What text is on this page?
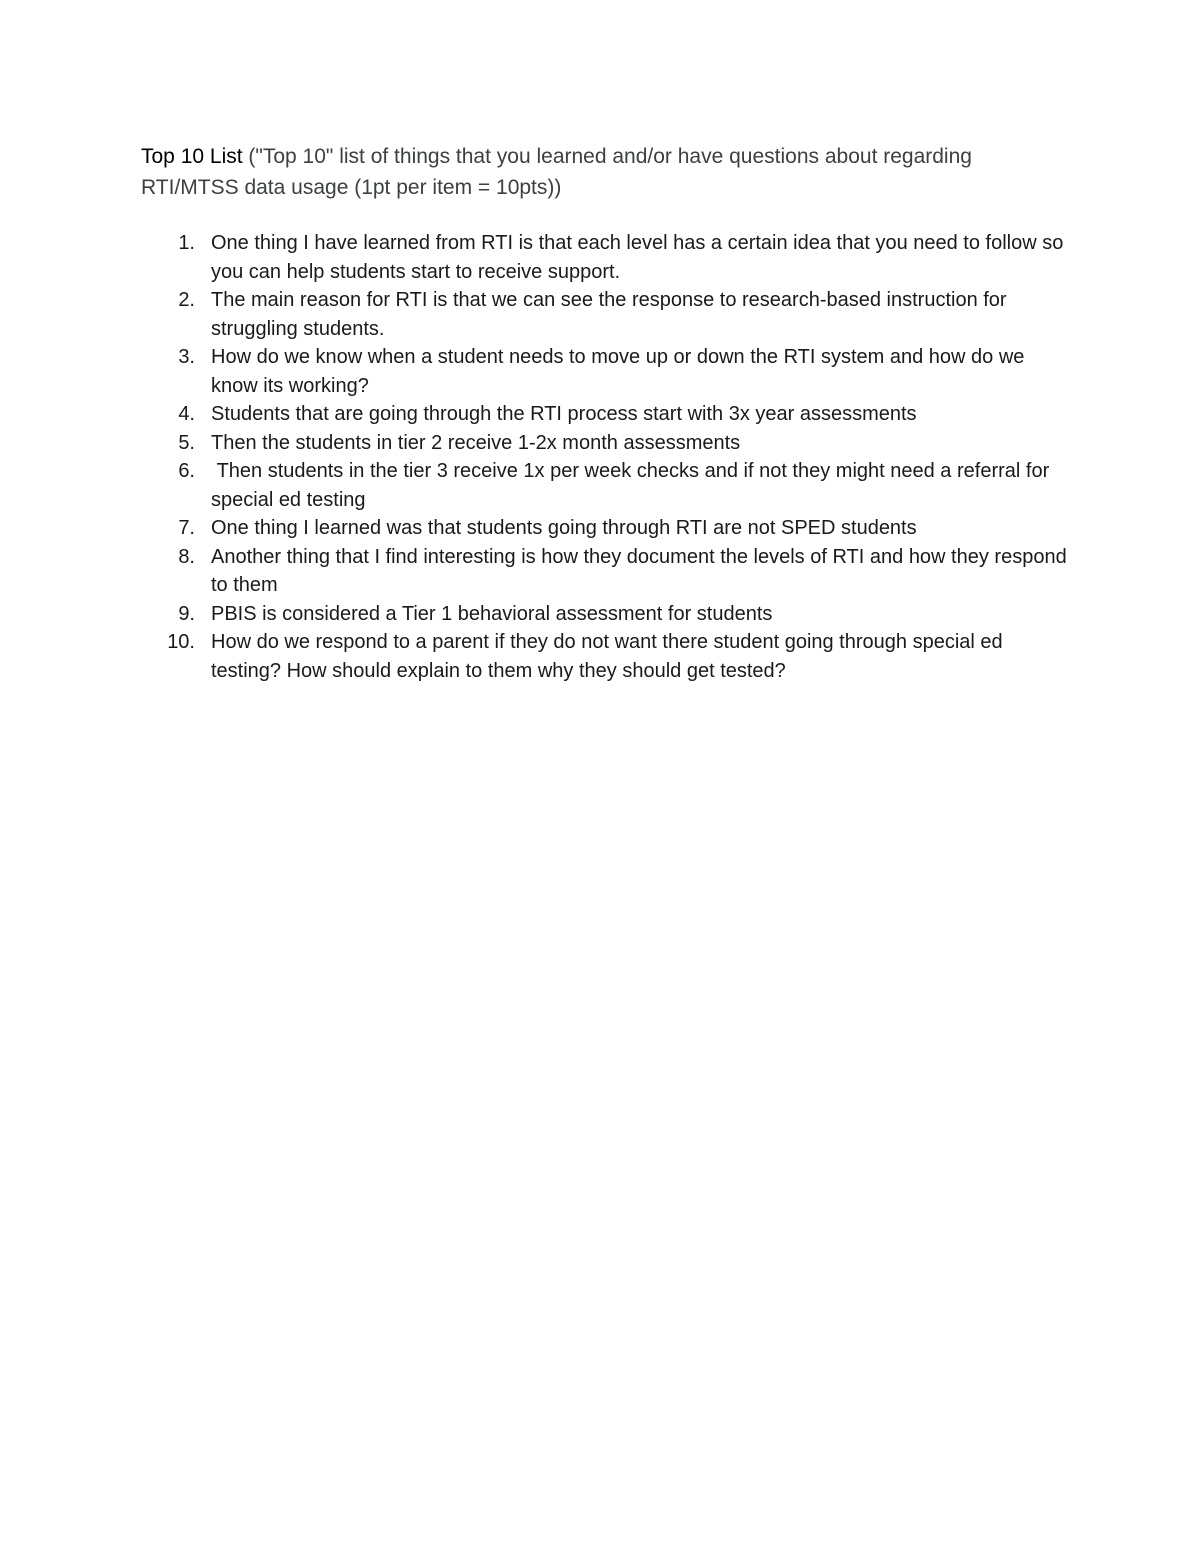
Top 10 List ("Top 10" list of things that you learned and/or have questions about regarding RTI/MTSS data usage (1pt per item = 10pts))

1. One thing I have learned from RTI is that each level has a certain idea that you need to follow so you can help students start to receive support.
2. The main reason for RTI is that we can see the response to research-based instruction for struggling students.
3. How do we know when a student needs to move up or down the RTI system and how do we know its working?
4. Students that are going through the RTI process start with 3x year assessments
5. Then the students in tier 2 receive 1-2x month assessments
6. Then students in the tier 3 receive 1x per week checks and if not they might need a referral for special ed testing
7. One thing I learned was that students going through RTI are not SPED students
8. Another thing that I find interesting is how they document the levels of RTI and how they respond to them
9. PBIS is considered a Tier 1 behavioral assessment for students
10. How do we respond to a parent if they do not want there student going through special ed testing? How should explain to them why they should get tested?
